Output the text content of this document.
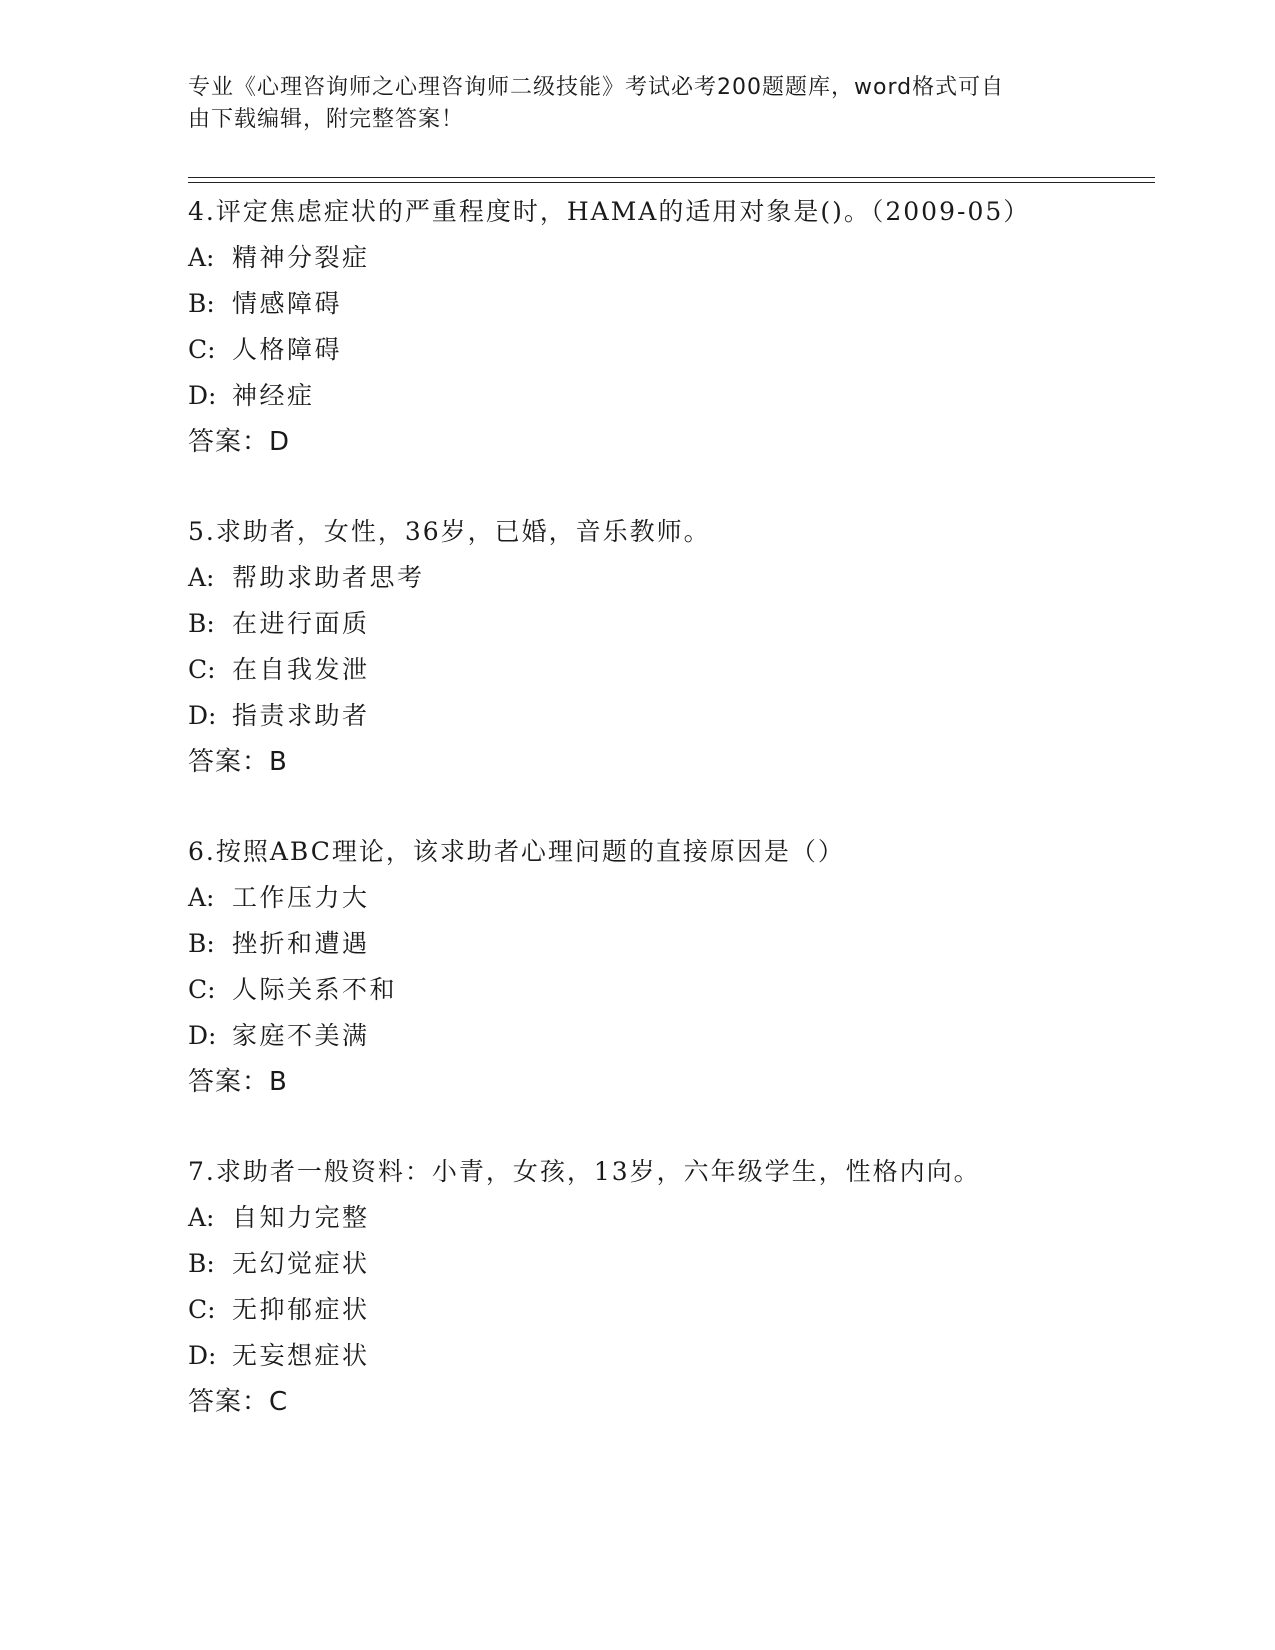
专业《心理咨询师之心理咨询师二级技能》考试必考200题题库，word格式可自
由下载编辑，附完整答案！
4.评定焦虑症状的严重程度时，HAMA的适用对象是()。（2009-05）
A: 精神分裂症
B: 情感障碍
C: 人格障碍
D: 神经症
答案：D
5.求助者，女性，36岁，已婚，音乐教师。
A: 帮助求助者思考
B: 在进行面质
C: 在自我发泄
D: 指责求助者
答案：B
6.按照ABC理论，该求助者心理问题的直接原因是（）
A: 工作压力大
B: 挫折和遭遇
C: 人际关系不和
D: 家庭不美满
答案：B
7.求助者一般资料：小青，女孩，13岁，六年级学生，性格内向。
A: 自知力完整
B: 无幻觉症状
C: 无抑郁症状
D: 无妄想症状
答案：C
